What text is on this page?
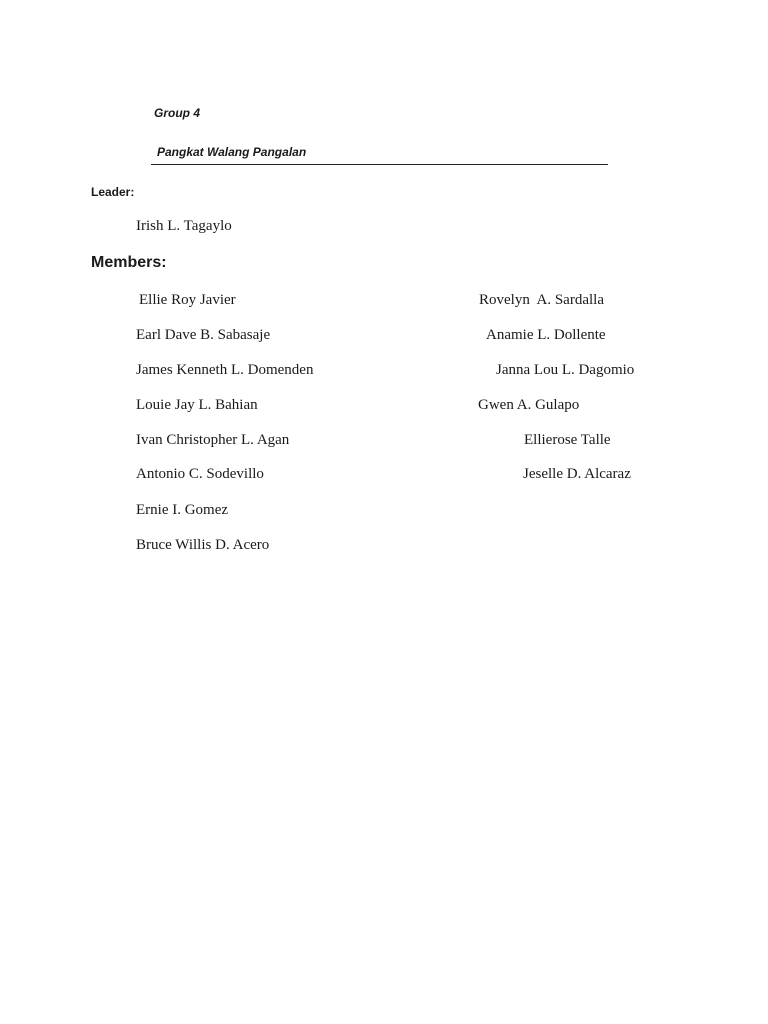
Group 4
Pangkat Walang Pangalan
Leader:
Irish L. Tagaylo
Members:
Ellie Roy Javier
Earl Dave B. Sabasaje
James Kenneth L. Domenden
Louie Jay L. Bahian
Ivan Christopher L. Agan
Antonio C. Sodevillo
Ernie I. Gomez
Bruce Willis D. Acero
Rovelyn  A. Sardalla
Anamie L. Dollente
Janna Lou L. Dagomio
Gwen A. Gulapo
Ellierose Talle
Jeselle D. Alcaraz
